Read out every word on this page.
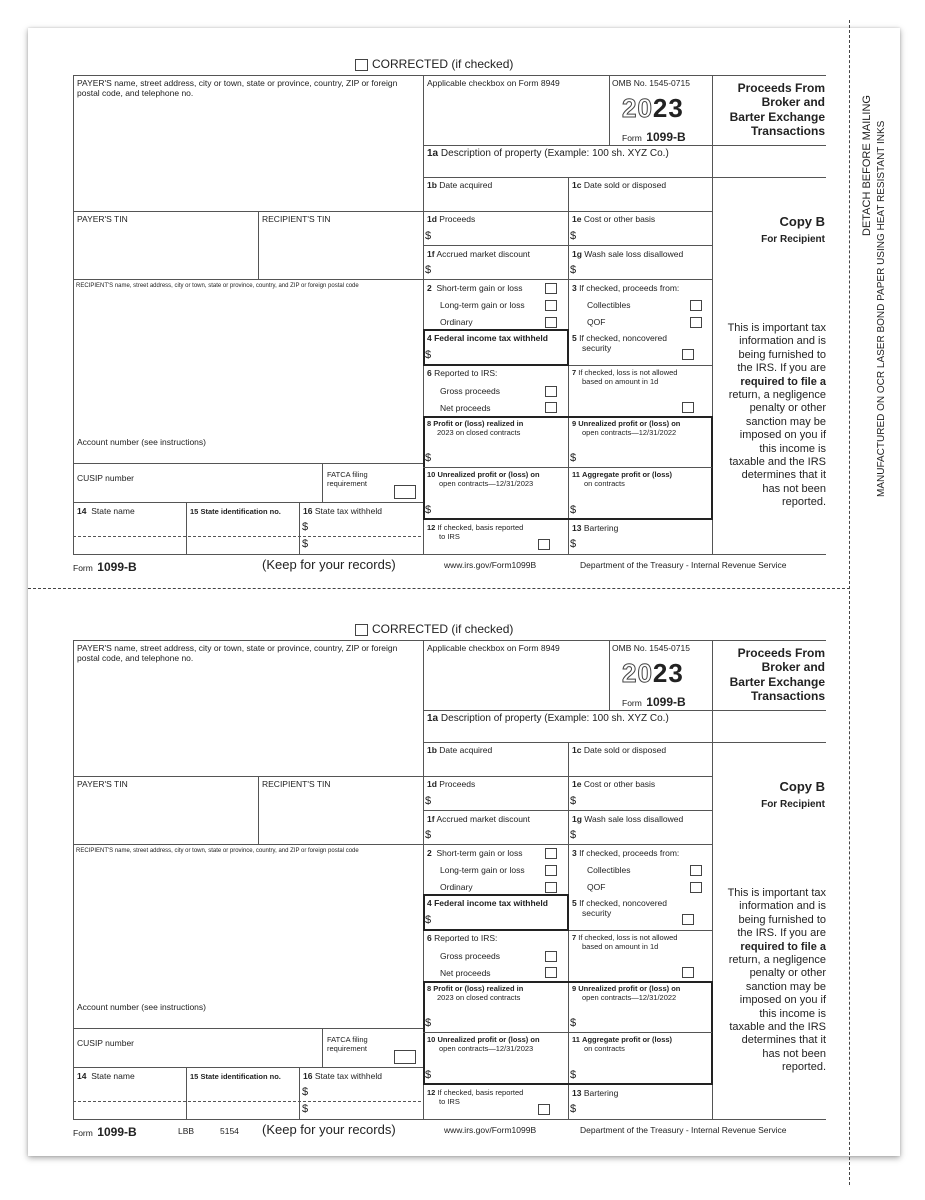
CORRECTED (if checked)
PAYER'S name, street address, city or town, state or province, country, ZIP or foreign postal code, and telephone no.
Applicable checkbox on Form 8949	OMB No. 1545-0715
2023
Form 1099-B
Proceeds From
Broker and
Barter Exchange
Transactions
1a Description of property (Example: 100 sh. XYZ Co.)
1b Date acquired	1c Date sold or disposed
PAYER'S TIN	RECIPIENT'S TIN	1d Proceeds
$
1e Cost or other basis
$
Copy B
For Recipient
1f Accrued market discount
$
1g Wash sale loss disallowed
$
RECIPIENT'S name, street address, city or town, state or province, country, and ZIP or foreign postal code	2 Short-term gain or loss
Long-term gain or loss
Ordinary
3 If checked, proceeds from:
Collectibles
QOF
4 Federal income tax withheld
$
5 If checked, noncovered
security
6 Reported to IRS:
Gross proceeds
Net proceeds
7 If checked, loss is not allowed
based on amount in 1d
8 Profit or (loss) realized in
2023 on closed contracts
$
9 Unrealized profit or (loss) on
open contracts—12/31/2022
$
Account number (see instructions)
CUSIP number	FATCA filing
requirement
10 Unrealized profit or (loss) on
open contracts—12/31/2023
$
11 Aggregate profit or (loss)
on contracts
$
14 State name	15 State identification no.	16 State tax withheld
$
$
12 If checked, basis reported
to IRS
13 Bartering
$
This is important tax
information and is
being furnished to
the IRS. If you are
required to file a
return, a negligence
penalty or other
sanction may be
imposed on you if
this income is
taxable and the IRS
determines that it
has not been
reported.
Form 1099-B	(Keep for your records)	www.irs.gov/Form1099B	Department of the Treasury - Internal Revenue Service
CORRECTED (if checked)
PAYER'S name, street address, city or town, state or province, country, ZIP or foreign postal code, and telephone no.
Applicable checkbox on Form 8949	OMB No. 1545-0715
2023
Form 1099-B
Proceeds From
Broker and
Barter Exchange
Transactions
1a Description of property (Example: 100 sh. XYZ Co.)
1b Date acquired	1c Date sold or disposed
PAYER'S TIN	RECIPIENT'S TIN	1d Proceeds
$
1e Cost or other basis
$
Copy B
For Recipient
1f Accrued market discount
$
1g Wash sale loss disallowed
$
RECIPIENT'S name, street address, city or town, state or province, country, and ZIP or foreign postal code	2 Short-term gain or loss
Long-term gain or loss
Ordinary
3 If checked, proceeds from:
Collectibles
QOF
4 Federal income tax withheld
$
5 If checked, noncovered
security
6 Reported to IRS:
Gross proceeds
Net proceeds
7 If checked, loss is not allowed
based on amount in 1d
8 Profit or (loss) realized in
2023 on closed contracts
$
9 Unrealized profit or (loss) on
open contracts—12/31/2022
$
Account number (see instructions)
CUSIP number	FATCA filing
requirement
10 Unrealized profit or (loss) on
open contracts—12/31/2023
$
11 Aggregate profit or (loss)
on contracts
$
14 State name	15 State identification no.	16 State tax withheld
$
$
12 If checked, basis reported
to IRS
13 Bartering
$
This is important tax
information and is
being furnished to
the IRS. If you are
required to file a
return, a negligence
penalty or other
sanction may be
imposed on you if
this income is
taxable and the IRS
determines that it
has not been
reported.
Form 1099-B	LBB	5154 (Keep for your records)	www.irs.gov/Form1099B	Department of the Treasury - Internal Revenue Service
DETACH BEFORE MAILING MANUFACTURED ON OCR LASER BOND PAPER USING HEAT RESISTANT INKS
